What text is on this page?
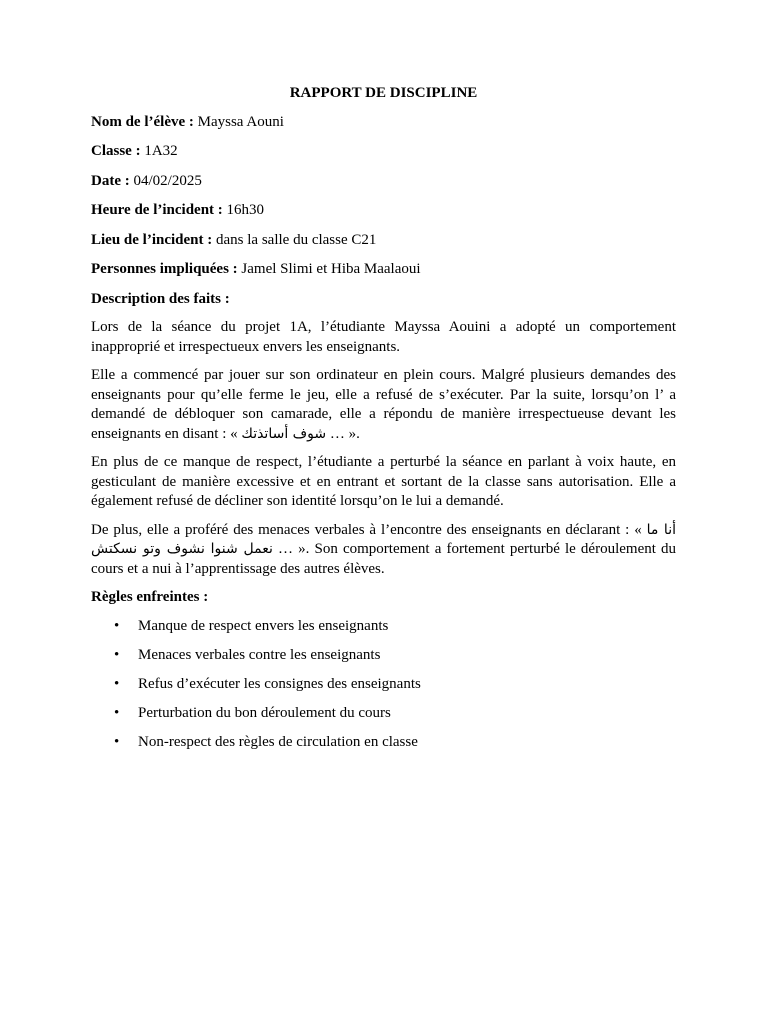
RAPPORT DE DISCIPLINE
Nom de l’élève : Mayssa Aouni
Classe : 1A32
Date : 04/02/2025
Heure de l’incident : 16h30
Lieu de l’incident : dans la salle du classe C21
Personnes impliquées : Jamel Slimi et Hiba Maalaoui
Description des faits :

Lors de la séance du projet 1A, l’étudiante Mayssa Aouini a adopté un comportement inapproprié et irrespectueux envers les enseignants.

Elle a commencé par jouer sur son ordinateur en plein cours. Malgré plusieurs demandes des enseignants pour qu’elle ferme le jeu, elle a refusé de s’exécuter. Par la suite, lorsqu’on l’ a demandé de débloquer son camarade, elle a répondu de manière irrespectueuse devant les enseignants en disant : « شوف أساتذتك … ».

En plus de ce manque de respect, l’étudiante a perturbé la séance en parlant à voix haute, en gesticulant de manière excessive et en entrant et sortant de la classe sans autorisation. Elle a également refusé de décliner son identité lorsqu’on le lui a demandé.

De plus, elle a proféré des menaces verbales à l’encontre des enseignants en déclarant : « أنا ما نعمل شنوا نشوف وتو نسكتش … ». Son comportement a fortement perturbé le déroulement du cours et a nui à l’apprentissage des autres élèves.

Règles enfreintes :
• Manque de respect envers les enseignants
• Menaces verbales contre les enseignants
• Refus d’exécuter les consignes des enseignants
• Perturbation du bon déroulement du cours
• Non-respect des règles de circulation en classe
